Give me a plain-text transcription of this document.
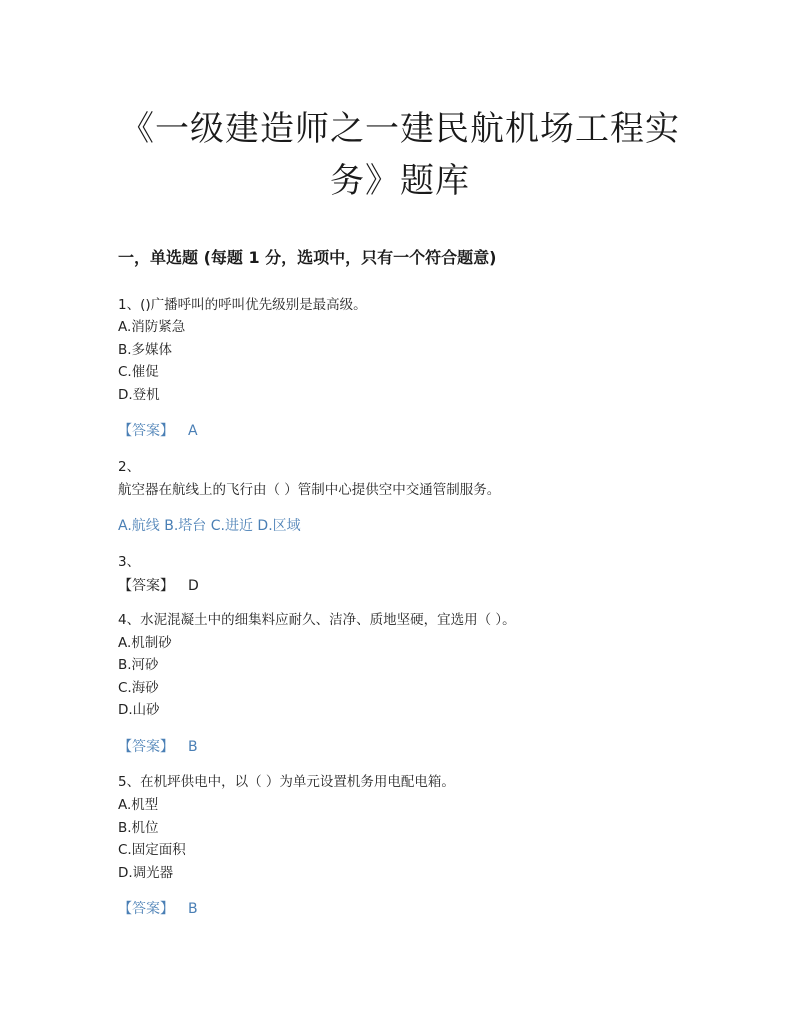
《一级建造师之一建民航机场工程实
务》题库
一，单选题 (每题 1 分，选项中，只有一个符合题意)
1、()广播呼叫的呼叫优先级别是最高级。
A.消防紧急
B.多媒体
C.催促
D.登机
【答案】 A
2、
航空器在航线上的飞行由（ ）管制中心提供空中交通管制服务。
A.航线 B.塔台 C.进近 D.区域
3、
【答案】 D
4、水泥混凝土中的细集料应耐久、洁净、质地坚硬，宜选用（ ）。
A.机制砂
B.河砂
C.海砂
D.山砂
【答案】 B
5、在机坪供电中，以（ ）为单元设置机务用电配电箱。
A.机型
B.机位
C.固定面积
D.调光器
【答案】 B
